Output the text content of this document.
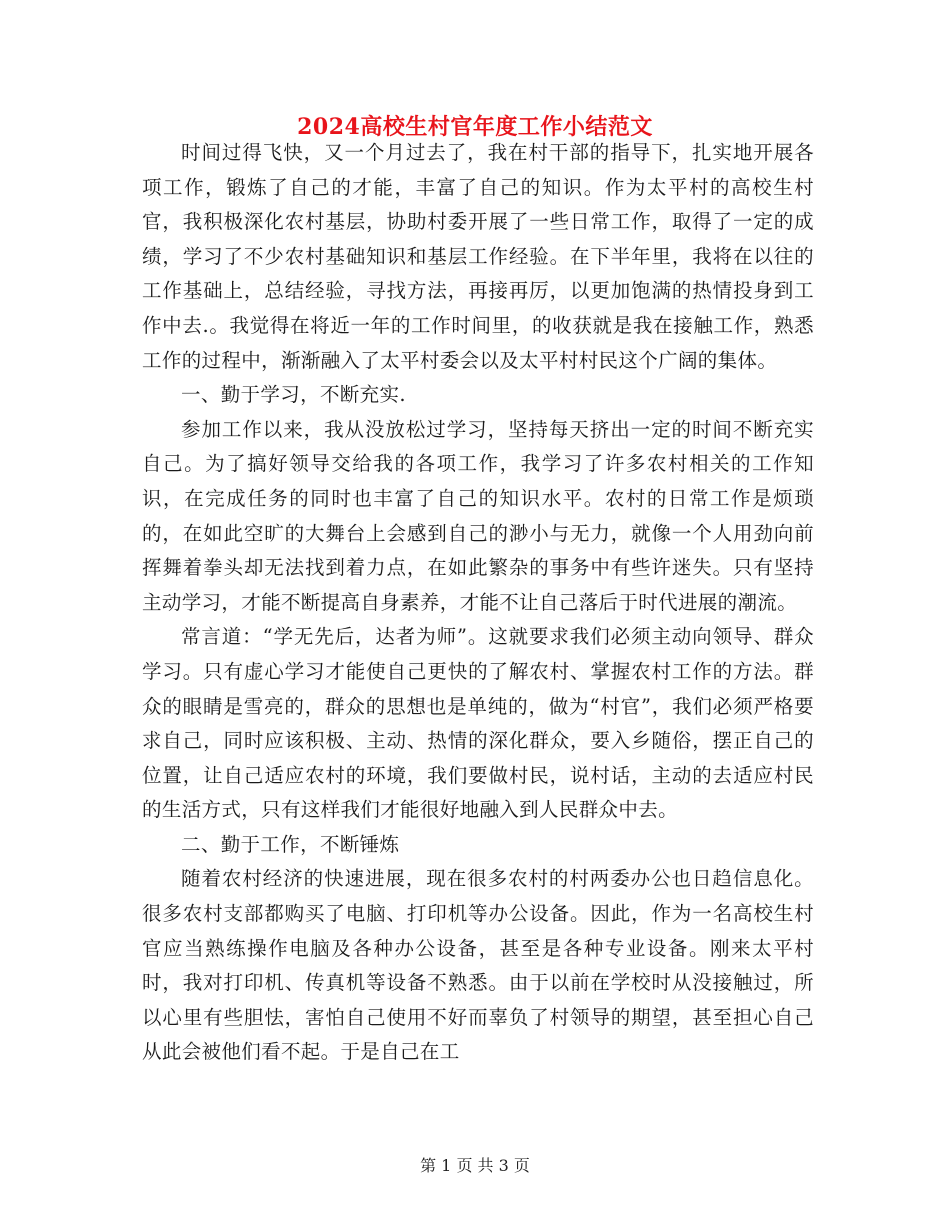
2024高校生村官年度工作小结范文

时间过得飞快，又一个月过去了，我在村干部的指导下，扎实地开展各项工作，锻炼了自己的才能，丰富了自己的知识。作为太平村的高校生村官，我积极深化农村基层，协助村委开展了一些日常工作，取得了一定的成绩，学习了不少农村基础知识和基层工作经验。在下半年里，我将在以往的工作基础上，总结经验，寻找方法，再接再厉，以更加饱满的热情投身到工作中去.。我觉得在将近一年的工作时间里，的收获就是我在接触工作，熟悉工作的过程中，渐渐融入了太平村委会以及太平村村民这个广阔的集体。

一、勤于学习，不断充实.

参加工作以来，我从没放松过学习，坚持每天挤出一定的时间不断充实自己。为了搞好领导交给我的各项工作，我学习了许多农村相关的工作知识，在完成任务的同时也丰富了自己的知识水平。农村的日常工作是烦琐的，在如此空旷的大舞台上会感到自己的渺小与无力，就像一个人用劲向前挥舞着拳头却无法找到着力点，在如此繁杂的事务中有些许迷失。只有坚持主动学习，才能不断提高自身素养，才能不让自己落后于时代进展的潮流。

常言道：“学无先后，达者为师”。这就要求我们必须主动向领导、群众学习。只有虚心学习才能使自己更快的了解农村、掌握农村工作的方法。群众的眼睛是雪亮的，群众的思想也是单纯的，做为“村官”，我们必须严格要求自己，同时应该积极、主动、热情的深化群众，要入乡随俗，摆正自己的位置，让自己适应农村的环境，我们要做村民，说村话，主动的去适应村民的生活方式，只有这样我们才能很好地融入到人民群众中去。

二、勤于工作，不断锤炼

随着农村经济的快速进展，现在很多农村的村两委办公也日趋信息化。很多农村支部都购买了电脑、打印机等办公设备。因此，作为一名高校生村官应当熟练操作电脑及各种办公设备，甚至是各种专业设备。刚来太平村时，我对打印机、传真机等设备不熟悉。由于以前在学校时从没接触过，所以心里有些胆怯，害怕自己使用不好而辜负了村领导的期望，甚至担心自己从此会被他们看不起。于是自己在工

第 1 页 共 3 页
